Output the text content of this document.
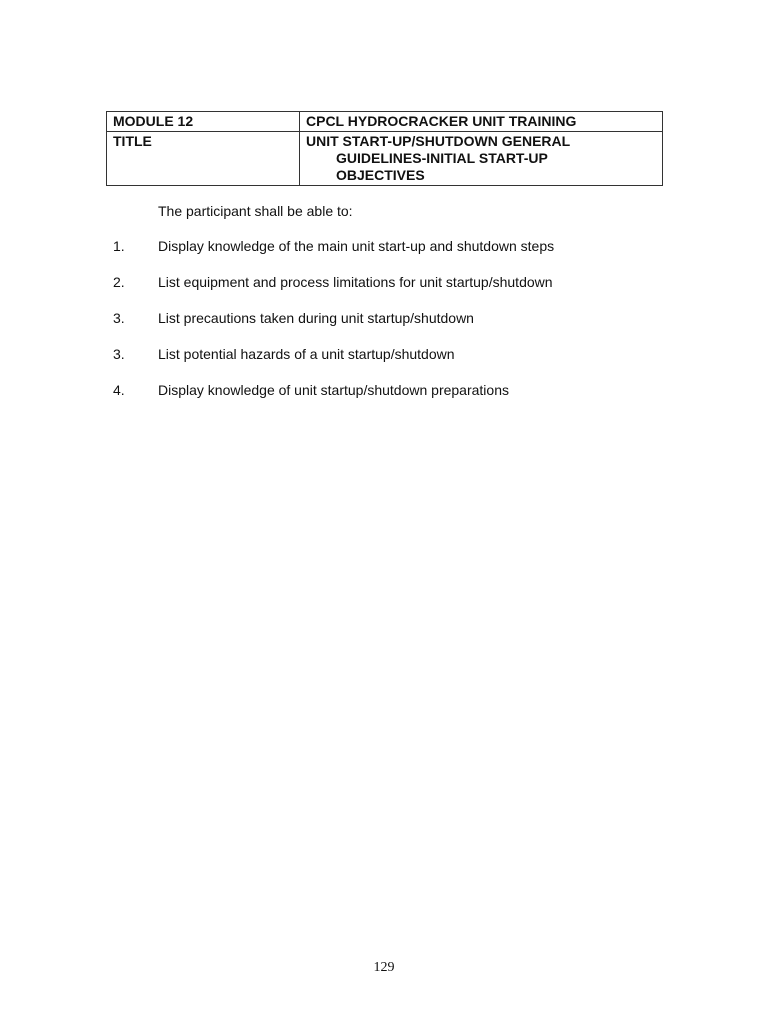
MODULE 12	CPCL HYDROCRACKER UNIT TRAINING
TITLE	UNIT START-UP/SHUTDOWN GENERAL
GUIDELINES-INITIAL START-UP
OBJECTIVES
The participant shall be able to:
1. Display knowledge of the main unit start-up and shutdown steps
2. List equipment and process limitations for unit startup/shutdown
3. List precautions taken during unit startup/shutdown
3. List potential hazards of a unit startup/shutdown
4. Display knowledge of unit startup/shutdown preparations
129
